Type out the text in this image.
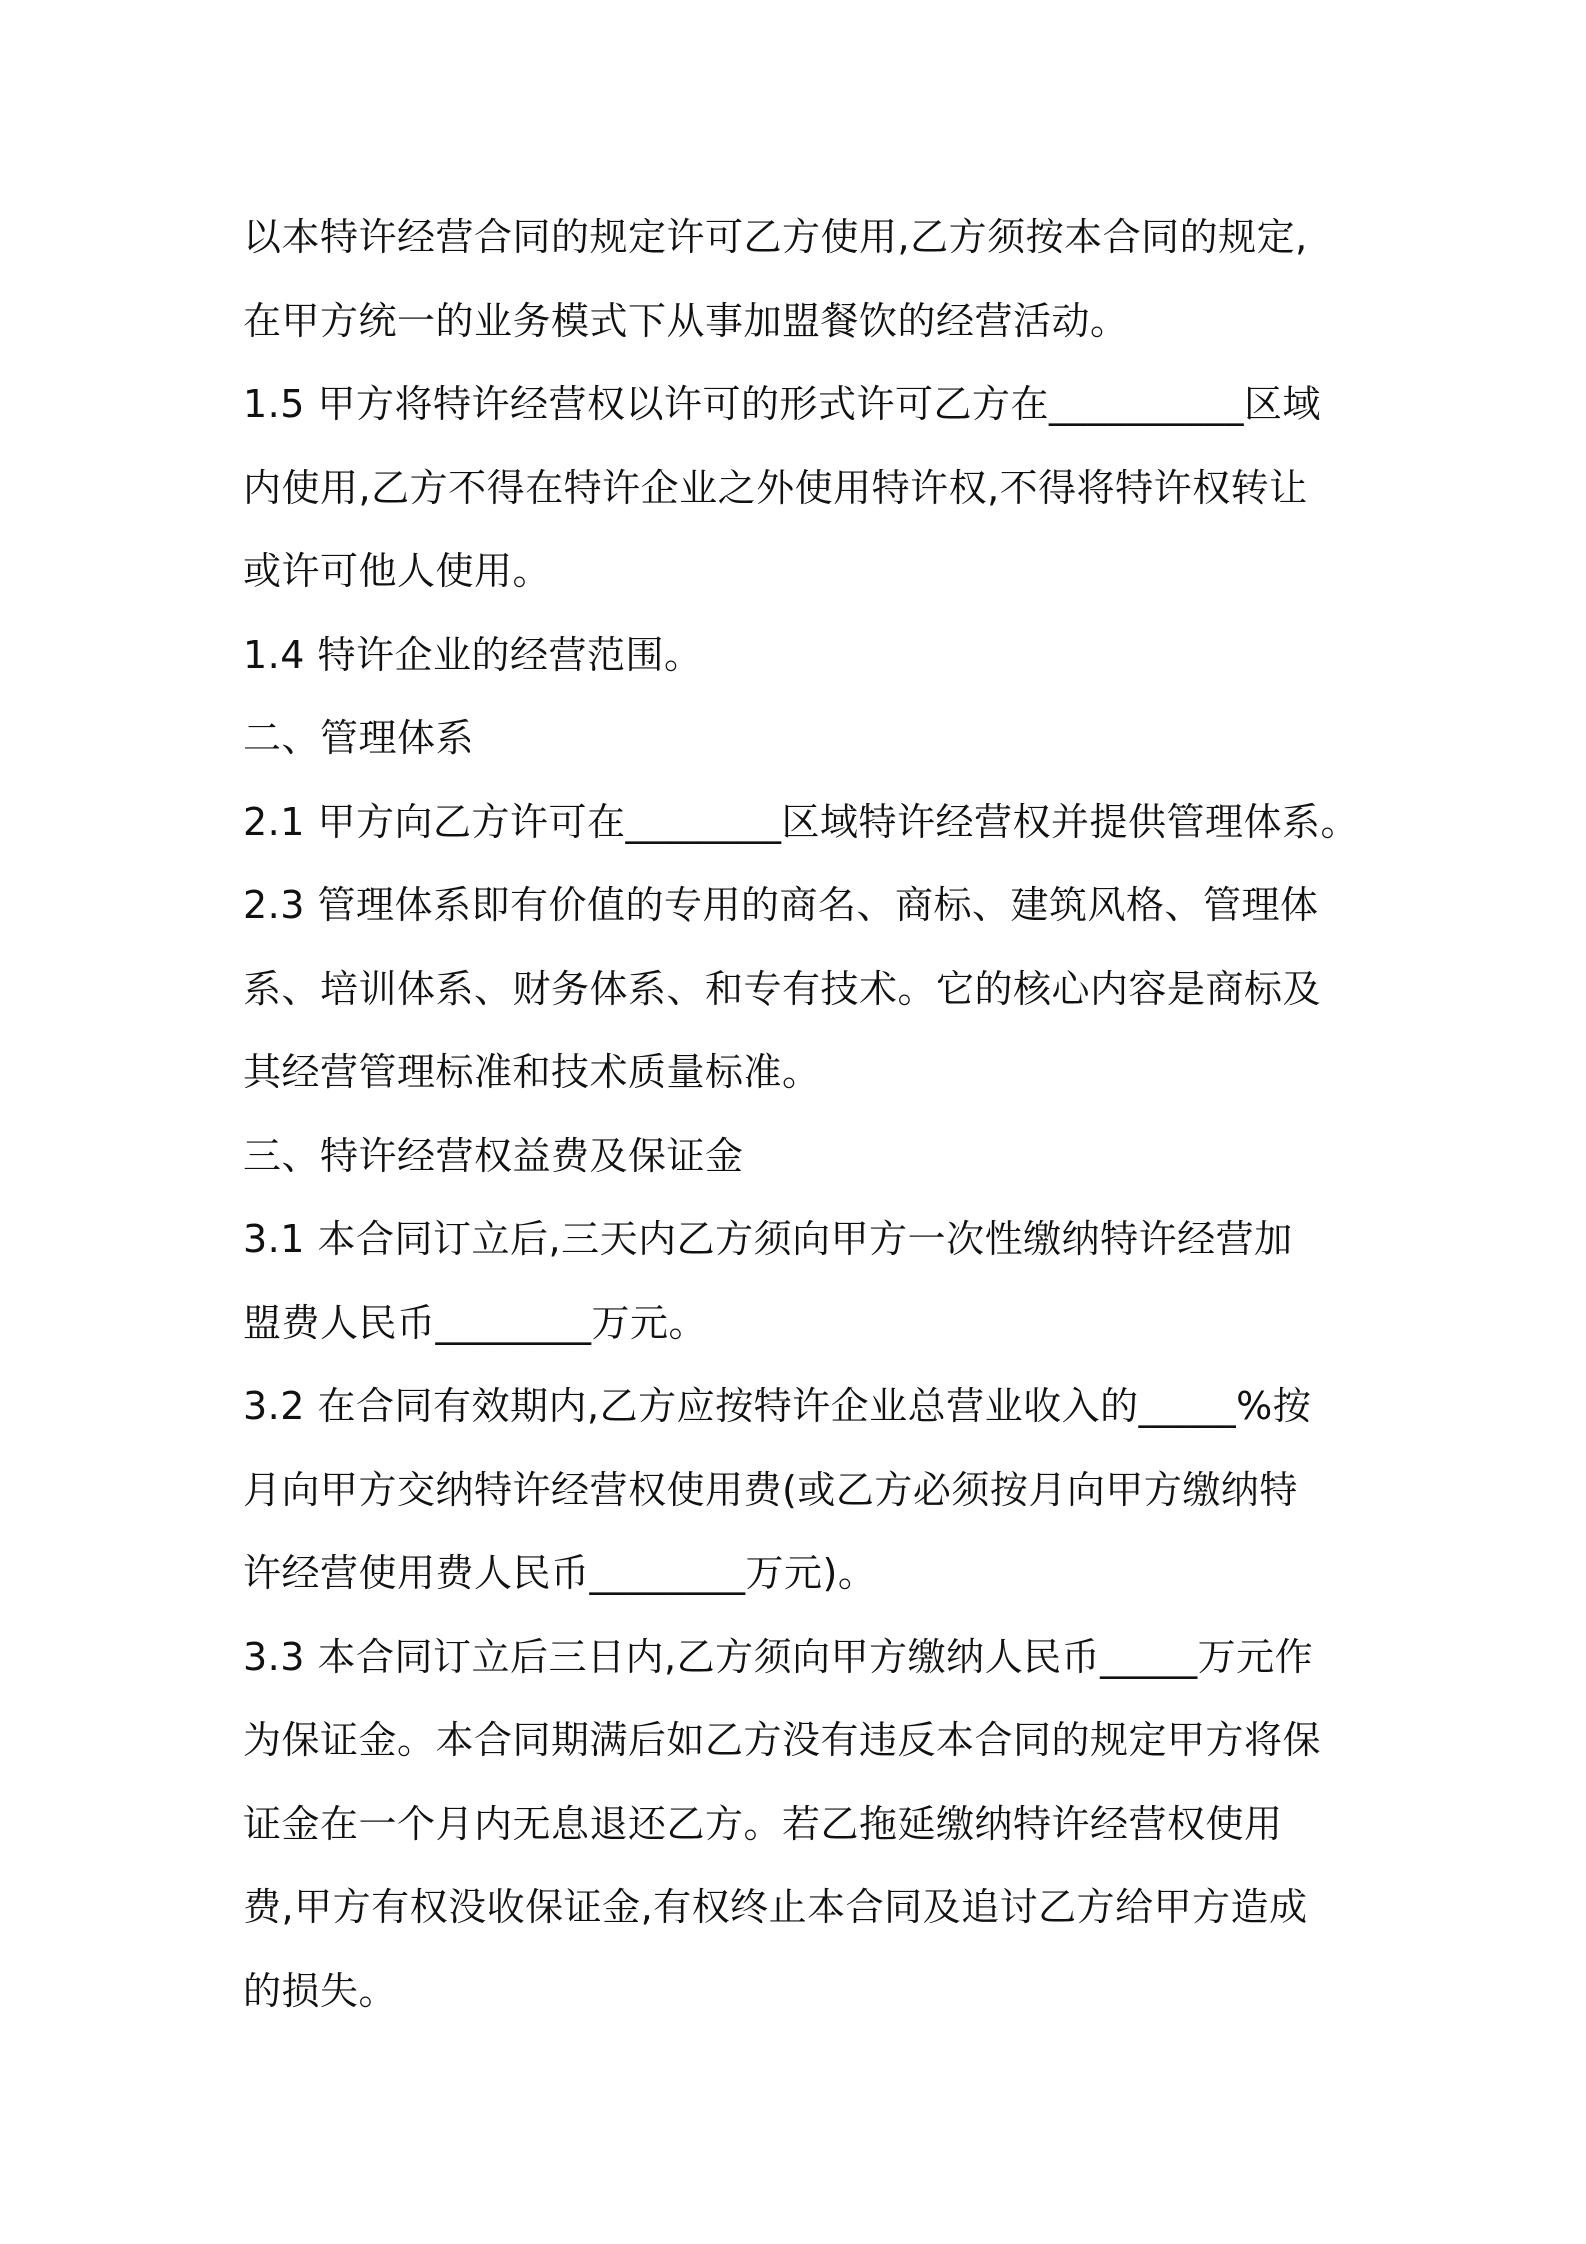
以本特许经营合同的规定许可乙方使用,乙方须按本合同的规定,
在甲方统一的业务模式下从事加盟餐饮的经营活动。

1.5 甲方将特许经营权以许可的形式许可乙方在__________区域
内使用,乙方不得在特许企业之外使用特许权,不得将特许权转让
或许可他人使用。

1.4 特许企业的经营范围。

二、管理体系

2.1 甲方向乙方许可在________区域特许经营权并提供管理体系。

2.3 管理体系即有价值的专用的商名、商标、建筑风格、管理体
系、培训体系、财务体系、和专有技术。它的核心内容是商标及
其经营管理标准和技术质量标准。

三、特许经营权益费及保证金

3.1 本合同订立后,三天内乙方须向甲方一次性缴纳特许经营加
盟费人民币________万元。

3.2 在合同有效期内,乙方应按特许企业总营业收入的_____%按
月向甲方交纳特许经营权使用费(或乙方必须按月向甲方缴纳特
许经营使用费人民币________万元)。

3.3 本合同订立后三日内,乙方须向甲方缴纳人民币_____万元作
为保证金。本合同期满后如乙方没有违反本合同的规定甲方将保
证金在一个月内无息退还乙方。若乙拖延缴纳特许经营权使用
费,甲方有权没收保证金,有权终止本合同及追讨乙方给甲方造成
的损失。
